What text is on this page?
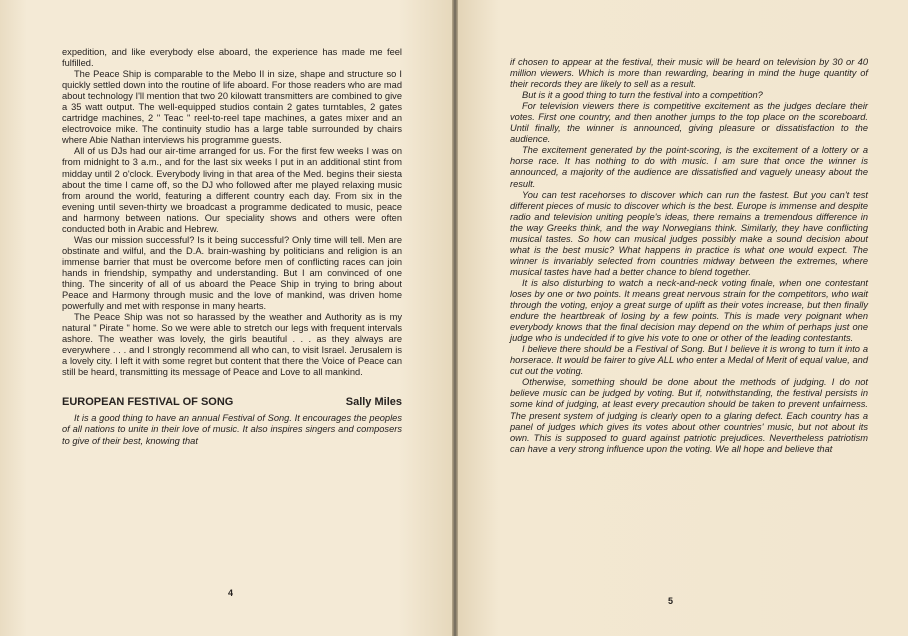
expedition, and like everybody else aboard, the experience has made me feel fulfilled.

The Peace Ship is comparable to the Mebo II in size, shape and structure so I quickly settled down into the routine of life aboard. For those readers who are mad about technology I'll mention that two 20 kilowatt transmitters are combined to give a 35 watt output. The well-equipped studios contain 2 gates turntables, 2 gates cartridge machines, 2 " Teac " reel-to-reel tape machines, a gates mixer and an electrovoice mike. The continuity studio has a large table surrounded by chairs where Abie Nathan interviews his programme guests.

All of us DJs had our air-time arranged for us. For the first few weeks I was on from midnight to 3 a.m., and for the last six weeks I put in an additional stint from midday until 2 o'clock. Everybody living in that area of the Med. begins their siesta about the time I came off, so the DJ who followed after me played relaxing music from around the world, featuring a different country each day. From six in the evening until seven-thirty we broadcast a programme dedicated to music, peace and harmony between nations. Our speciality shows and others were often conducted both in Arabic and Hebrew.

Was our mission successful? Is it being successful? Only time will tell. Men are obstinate and wilful, and the D.A. brain-washing by politicians and religion is an immense barrier that must be overcome before men of conflicting races can join hands in friendship, sympathy and understanding. But I am convinced of one thing. The sincerity of all of us aboard the Peace Ship in trying to bring about Peace and Harmony through music and the love of mankind, was driven home powerfully and met with response in many hearts.

The Peace Ship was not so harassed by the weather and Authority as is my natural " Pirate " home. So we were able to stretch our legs with frequent intervals ashore. The weather was lovely, the girls beautiful . . . as they always are everywhere . . . and I strongly recommend all who can, to visit Israel. Jerusalem is a lovely city. I left it with some regret but content that there the Voice of Peace can still be heard, transmitting its message of Peace and Love to all mankind.

EUROPEAN FESTIVAL OF SONG	Sally Miles

It is a good thing to have an annual Festival of Song. It encourages the peoples of all nations to unite in their love of music. It also inspires singers and composers to give of their best, knowing that

4

if chosen to appear at the festival, their music will be heard on television by 30 or 40 million viewers. Which is more than rewarding, bearing in mind the huge quantity of their records they are likely to sell as a result.

But is it a good thing to turn the festival into a competition?

For television viewers there is competitive excitement as the judges declare their votes. First one country, and then another jumps to the top place on the scoreboard. Until finally, the winner is announced, giving pleasure or dissatisfaction to the audience.

The excitement generated by the point-scoring, is the excitement of a lottery or a horse race. It has nothing to do with music. I am sure that once the winner is announced, a majority of the audience are dissatisfied and vaguely uneasy about the result.

You can test racehorses to discover which can run the fastest. But you can't test different pieces of music to discover which is the best. Europe is immense and despite radio and television uniting people's ideas, there remains a tremendous difference in the way Greeks think, and the way Norwegians think. Similarly, they have conflicting musical tastes. So how can musical judges possibly make a sound decision about what is the best music? What happens in practice is what one would expect. The winner is invariably selected from countries midway between the extremes, where musical tastes have had a better chance to blend together.

It is also disturbing to watch a neck-and-neck voting finale, when one contestant loses by one or two points. It means great nervous strain for the competitors, who wait through the voting, enjoy a great surge of uplift as their votes increase, but then finally endure the heartbreak of losing by a few points. This is made very poignant when everybody knows that the final decision may depend on the whim of perhaps just one judge who is undecided if to give his vote to one or other of the leading contestants.

I believe there should be a Festival of Song. But I believe it is wrong to turn it into a horserace. It would be fairer to give ALL who enter a Medal of Merit of equal value, and cut out the voting.

Otherwise, something should be done about the methods of judging. I do not believe music can be judged by voting. But if, notwithstanding, the festival persists in some kind of judging, at least every precaution should be taken to prevent unfairness. The present system of judging is clearly open to a glaring defect. Each country has a panel of judges which gives its votes about other countries' music, but not about its own. This is supposed to guard against patriotic prejudices. Nevertheless patriotism can have a very strong influence upon the voting. We all hope and believe that

5
